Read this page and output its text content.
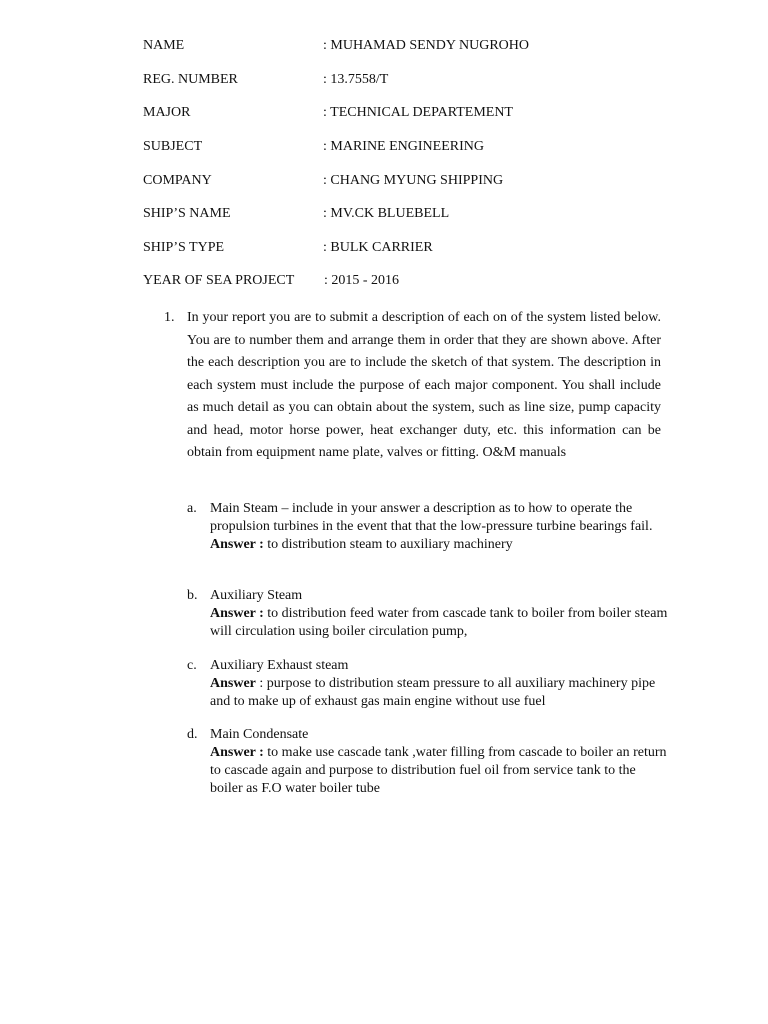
NAME	: MUHAMAD SENDY NUGROHO
REG. NUMBER	: 13.7558/T
MAJOR	: TECHNICAL DEPARTEMENT
SUBJECT	: MARINE ENGINEERING
COMPANY	: CHANG MYUNG SHIPPING
SHIP’S NAME	: MV.CK BLUEBELL
SHIP’S TYPE	: BULK CARRIER
YEAR OF SEA PROJECT : 2015 - 2016
1. In your report you are to submit a description of each on of the system listed below. You are to number them and arrange them in order that they are shown above. After the each description you are to include the sketch of that system. The description in each system must include the purpose of each major component. You shall include as much detail as you can obtain about the system, such as line size, pump capacity and head, motor horse power, heat exchanger duty, etc. this information can be obtain from equipment name plate, valves or fitting. O&M manuals
a. Main Steam – include in your answer a description as to how to operate the propulsion turbines in the event that that the low-pressure turbine bearings fail.
Answer : to distribution steam to auxiliary machinery
b. Auxiliary Steam
Answer : to distribution feed water from cascade tank to boiler from boiler steam will circulation using boiler circulation pump,
c. Auxiliary Exhaust steam
Answer : purpose to distribution steam pressure to all auxiliary machinery pipe and to make up of exhaust gas main engine without use fuel
d. Main Condensate
Answer : to make use cascade tank ,water filling from cascade to boiler an return to cascade again and purpose to distribution fuel oil from service tank to the boiler as F.O water boiler tube
